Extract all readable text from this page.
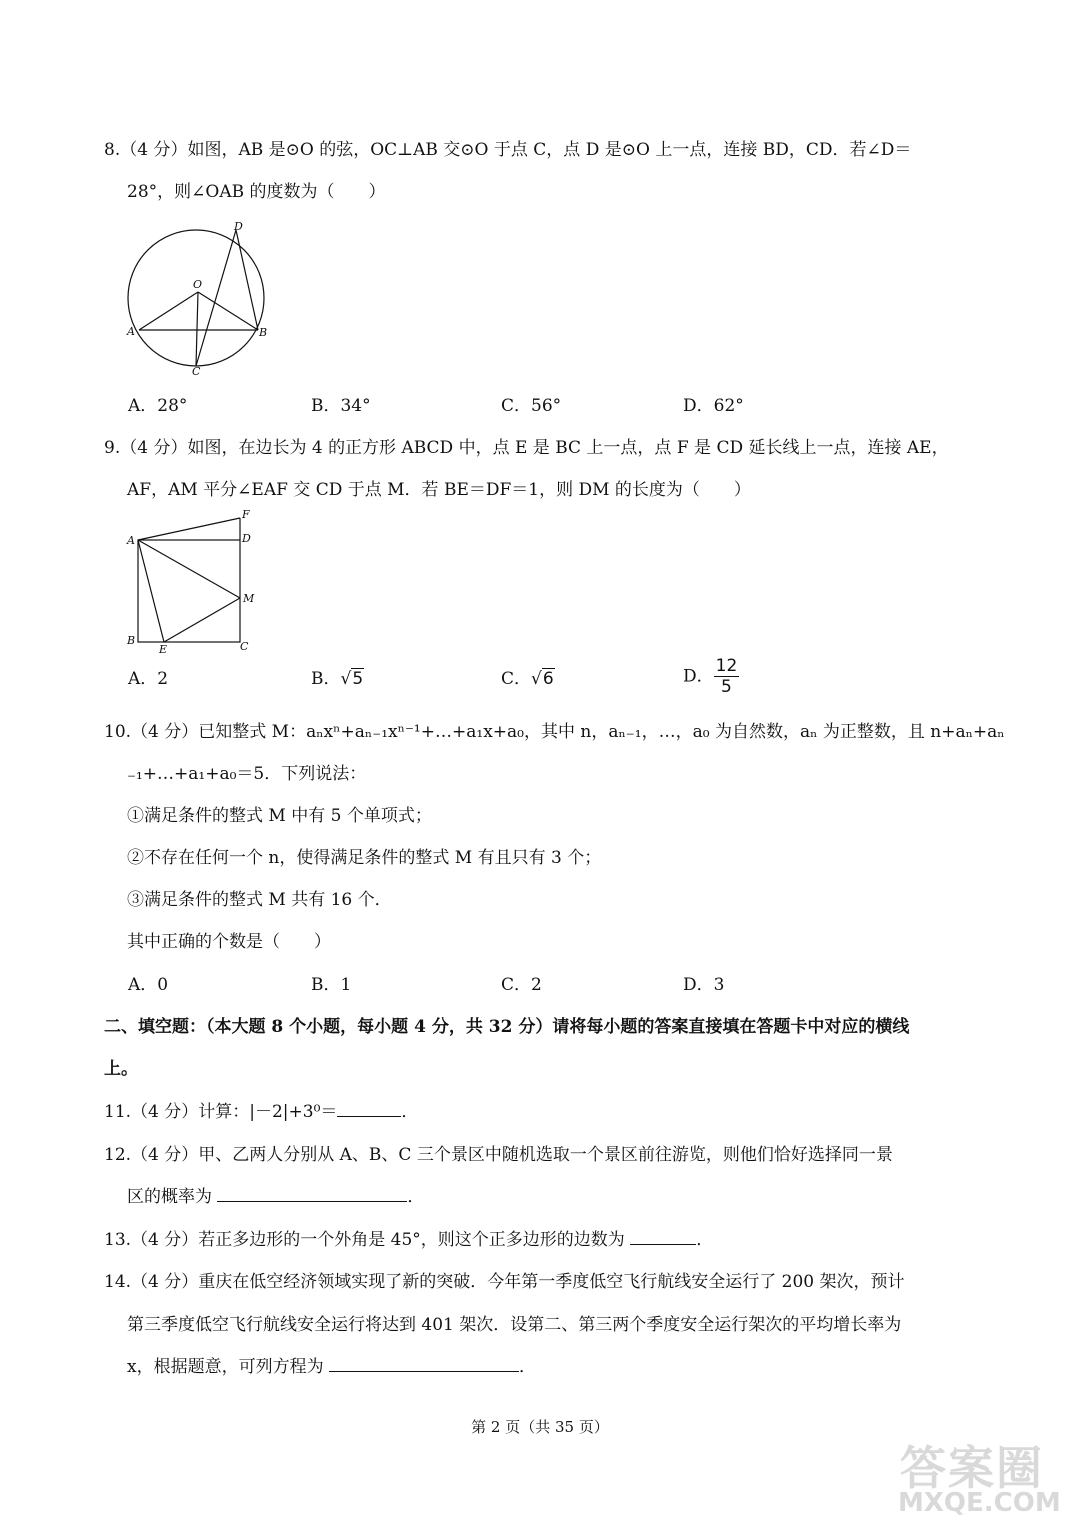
8.（4 分）如图，AB 是⊙O 的弦，OC⊥AB 交⊙O 于点 C，点 D 是⊙O 上一点，连接 BD，CD．若∠D＝
28°，则∠OAB 的度数为（　　）
D
O
A	B
C
A．28°	B．34°	C．56°	D．62°
9.（4 分）如图，在边长为 4 的正方形 ABCD 中，点 E 是 BC 上一点，点 F 是 CD 延长线上一点，连接 AE，
AF，AM 平分∠EAF 交 CD 于点 M．若 BE＝DF＝1，则 DM 的长度为（　　）
F
A	D
M
B
E	C
A．2	B．√5	C．√6	D． $\frac{12}{5}$
10.（4 分）已知整式 M：aₙxⁿ+aₙ₋₁xⁿ⁻¹+…+a₁x+a₀，其中 n，aₙ₋₁，…，a₀ 为自然数，aₙ 为正整数，且 n+aₙ+aₙ
₋₁+…+a₁+a₀＝5．下列说法：
①满足条件的整式 M 中有 5 个单项式；
②不存在任何一个 n，使得满足条件的整式 M 有且只有 3 个；
③满足条件的整式 M 共有 16 个．
其中正确的个数是（　　）
A．0	B．1	C．2	D．3
二、填空题：（本大题 8 个小题，每小题 4 分，共 32 分）请将每小题的答案直接填在答题卡中对应的横线
上。
11.（4 分）计算：|－2|+3⁰＝	．
12.（4 分）甲、乙两人分别从 A、B、C 三个景区中随机选取一个景区前往游览，则他们恰好选择同一景
区的概率为	．
13.（4 分）若正多边形的一个外角是 45°，则这个正多边形的边数为	．
14.（4 分）重庆在低空经济领域实现了新的突破．今年第一季度低空飞行航线安全运行了 200 架次，预计
第三季度低空飞行航线安全运行将达到 401 架次．设第二、第三两个季度安全运行架次的平均增长率为
x，根据题意，可列方程为	．
第 2 页（共 35 页）
答案圈
MXQE.COM
